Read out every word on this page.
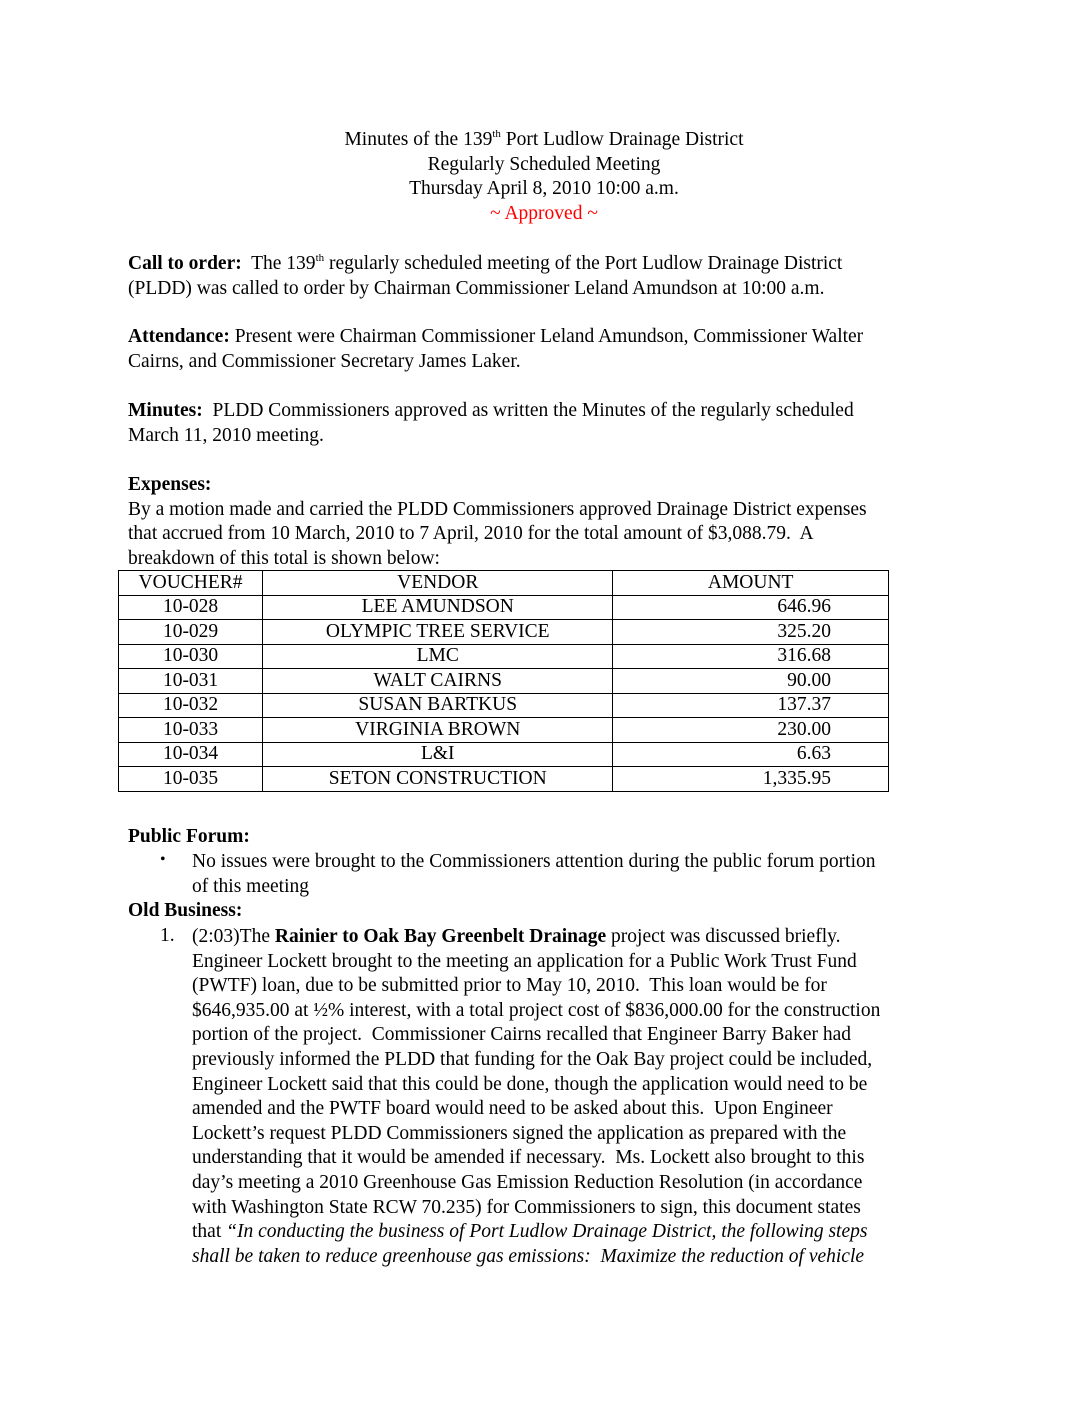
Minutes of the 139th Port Ludlow Drainage District
Regularly Scheduled Meeting
Thursday April 8, 2010 10:00 a.m.
~ Approved ~
Call to order:  The 139th regularly scheduled meeting of the Port Ludlow Drainage District
(PLDD) was called to order by Chairman Commissioner Leland Amundson at 10:00 a.m.
Attendance: Present were Chairman Commissioner Leland Amundson, Commissioner Walter
Cairns, and Commissioner Secretary James Laker.
Minutes:  PLDD Commissioners approved as written the Minutes of the regularly scheduled
March 11, 2010 meeting.
Expenses:
By a motion made and carried the PLDD Commissioners approved Drainage District expenses
that accrued from 10 March, 2010 to 7 April, 2010 for the total amount of $3,088.79.  A
breakdown of this total is shown below:
VOUCHER#	VENDOR	AMOUNT
10-028	LEE AMUNDSON	646.96
10-029	OLYMPIC TREE SERVICE	325.20
10-030	LMC	316.68
10-031	WALT CAIRNS	90.00
10-032	SUSAN BARTKUS	137.37
10-033	VIRGINIA BROWN	230.00
10-034	L&I	6.63
10-035	SETON CONSTRUCTION	1,335.95
Public Forum:
• No issues were brought to the Commissioners attention during the public forum portion
of this meeting
Old Business:
1. (2:03)The Rainier to Oak Bay Greenbelt Drainage project was discussed briefly.
Engineer Lockett brought to the meeting an application for a Public Work Trust Fund
(PWTF) loan, due to be submitted prior to May 10, 2010.  This loan would be for
$646,935.00 at ½% interest, with a total project cost of $836,000.00 for the construction
portion of the project.  Commissioner Cairns recalled that Engineer Barry Baker had
previously informed the PLDD that funding for the Oak Bay project could be included,
Engineer Lockett said that this could be done, though the application would need to be
amended and the PWTF board would need to be asked about this.  Upon Engineer
Lockett’s request PLDD Commissioners signed the application as prepared with the
understanding that it would be amended if necessary.  Ms. Lockett also brought to this
day’s meeting a 2010 Greenhouse Gas Emission Reduction Resolution (in accordance
with Washington State RCW 70.235) for Commissioners to sign, this document states
that “In conducting the business of Port Ludlow Drainage District, the following steps
shall be taken to reduce greenhouse gas emissions:  Maximize the reduction of vehicle
